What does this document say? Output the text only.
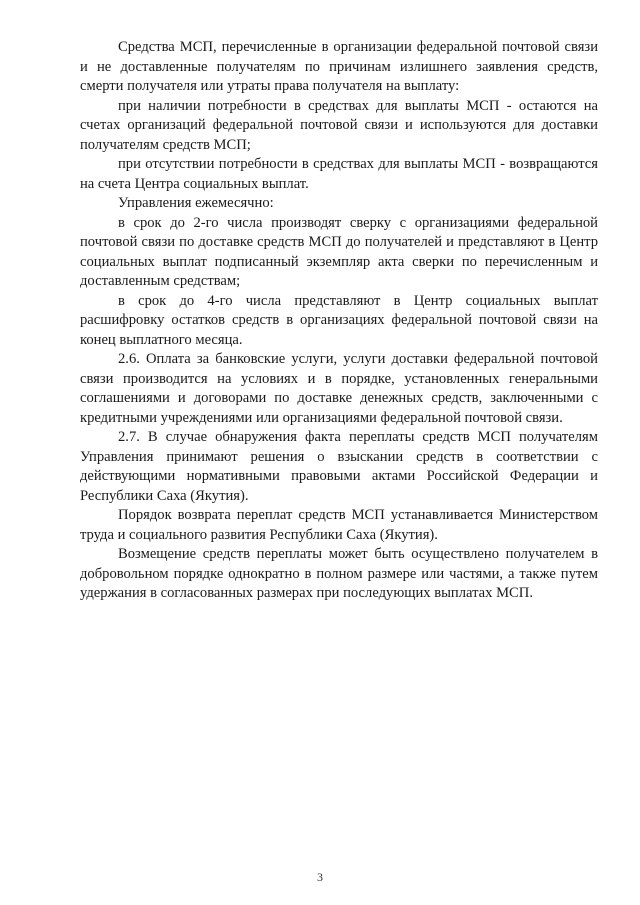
Средства МСП, перечисленные в организации федеральной почтовой связи и не доставленные получателям по причинам излишнего заявления средств, смерти получателя или утраты права получателя на выплату:

при наличии потребности в средствах для выплаты МСП - остаются на счетах организаций федеральной почтовой связи и используются для доставки получателям средств МСП;

при отсутствии потребности в средствах для выплаты МСП - возвращаются на счета Центра социальных выплат.

Управления ежемесячно:

в срок до 2-го числа производят сверку с организациями федеральной почтовой связи по доставке средств МСП до получателей и представляют в Центр социальных выплат подписанный экземпляр акта сверки по перечисленным и доставленным средствам;

в срок до 4-го числа представляют в Центр социальных выплат расшифровку остатков средств в организациях федеральной почтовой связи на конец выплатного месяца.

2.6. Оплата за банковские услуги, услуги доставки федеральной почтовой связи производится на условиях и в порядке, установленных генеральными соглашениями и договорами по доставке денежных средств, заключенными с кредитными учреждениями или организациями федеральной почтовой связи.

2.7. В случае обнаружения факта переплаты средств МСП получателям Управления принимают решения о взыскании средств в соответствии с действующими нормативными правовыми актами Российской Федерации и Республики Саха (Якутия).

Порядок возврата переплат средств МСП устанавливается Министерством труда и социального развития Республики Саха (Якутия).

Возмещение средств переплаты может быть осуществлено получателем в добровольном порядке однократно в полном размере или частями, а также путем удержания в согласованных размерах при последующих выплатах МСП.

3
